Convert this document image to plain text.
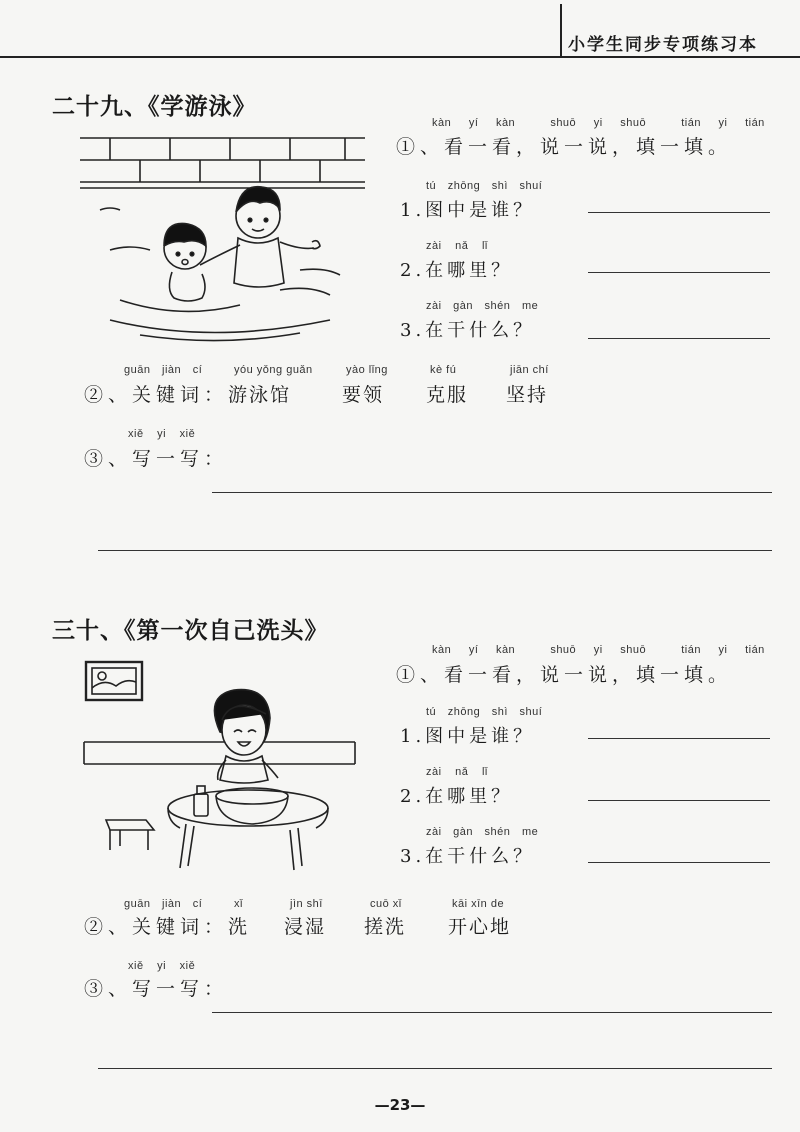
小学生同步专项练习本
二十九、《学游泳》
kàn yí kàn	shuō yi shuō	tián yi tián
①、看一看，说一说，填一填。
tú zhōng shì shuí
1.图中是谁？
zài nǎ lǐ
2.在哪里？
zài gàn shén me
3.在干什么？
guān jiàn cí
②、关键词：
yóu yǒng guǎn
游泳馆
yào lǐng
要领
kè fú
克服
jiān chí
坚持
xiě yi xiě
③、写一写：
三十、《第一次自己洗头》
kàn yí kàn	shuō yi shuō	tián yi tián
①、看一看，说一说，填一填。
tú zhōng shì shuí
1.图中是谁？
zài nǎ lǐ
2.在哪里？
zài gàn shén me
3.在干什么？
guān jiàn cí
②、关键词：
xǐ
洗
jìn shī
浸湿
cuō xǐ
搓洗
kāi xīn de
开心地
xiě yi xiě
③、写一写：
—23—
